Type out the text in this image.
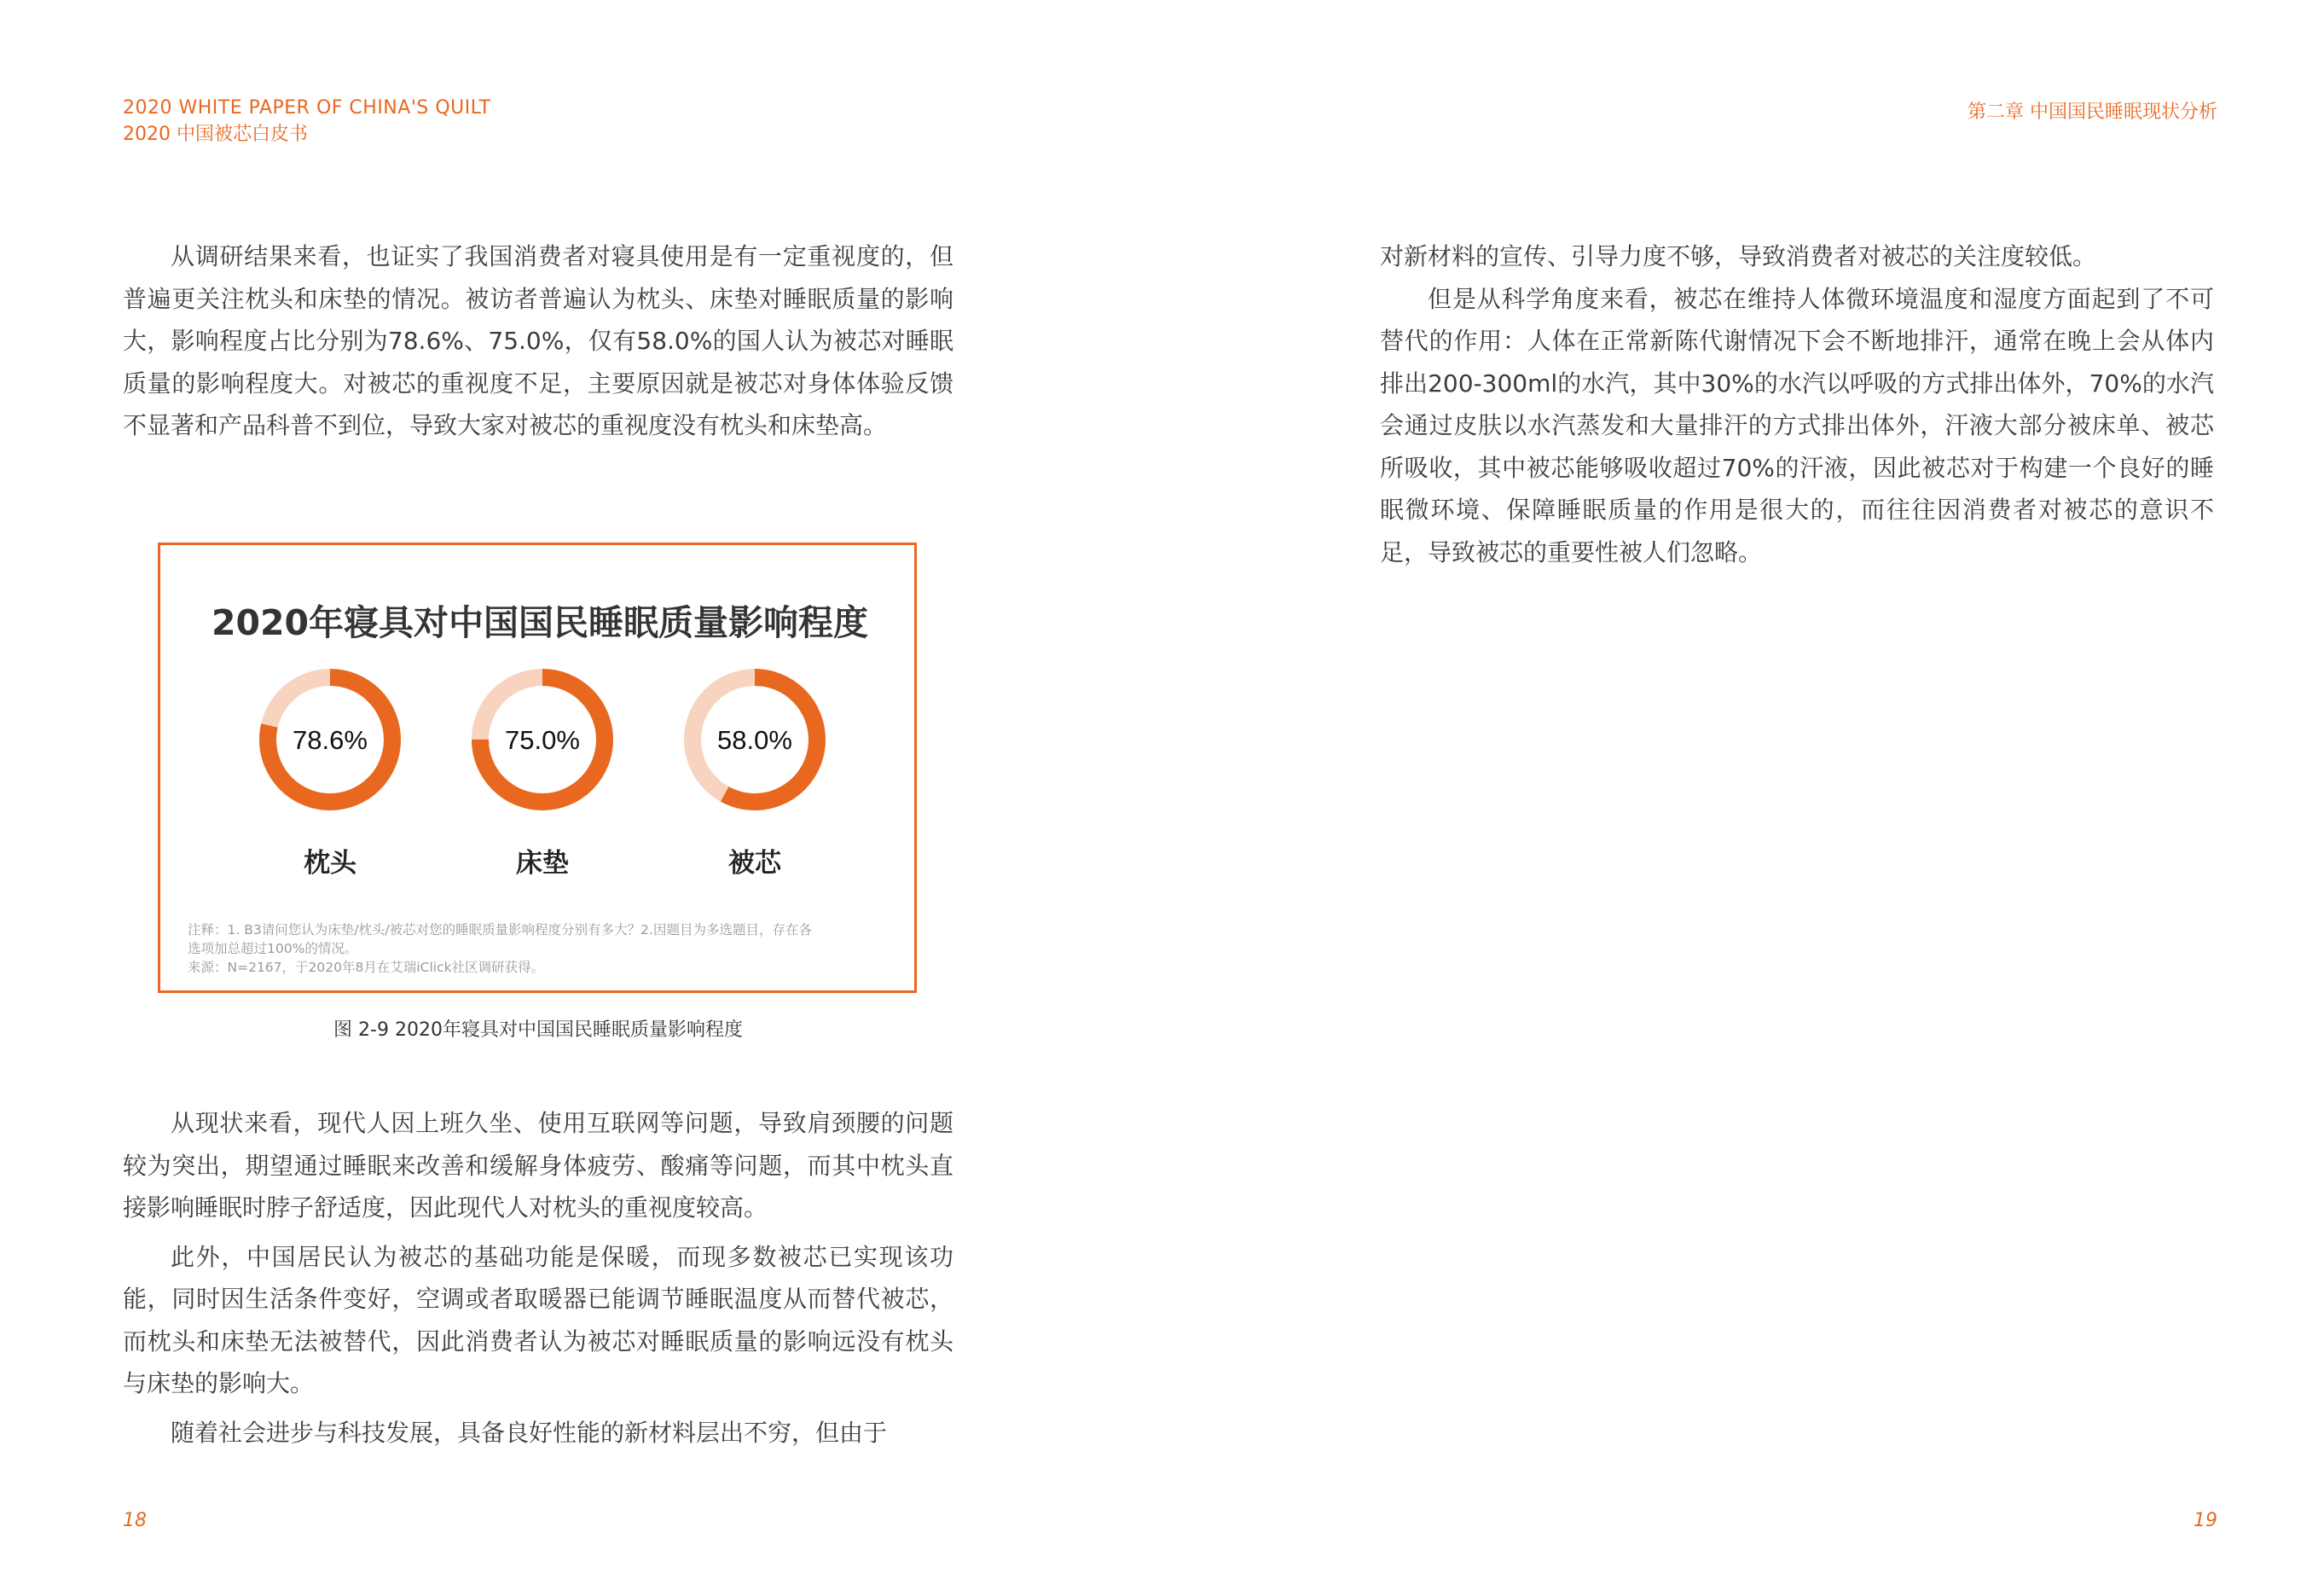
2020 WHITE PAPER OF CHINA'S QUILT
2020 中国被芯白皮书
第二章 中国国民睡眠现状分析

从调研结果来看，也证实了我国消费者对寝具使用是有一定重视度的，但普遍更关注枕头和床垫的情况。被访者普遍认为枕头、床垫对睡眠质量的影响大，影响程度占比分别为78.6%、75.0%，仅有58.0%的国人认为被芯对睡眠质量的影响程度大。对被芯的重视度不足，主要原因就是被芯对身体体验反馈不显著和产品科普不到位，导致大家对被芯的重视度没有枕头和床垫高。

2020年寝具对中国国民睡眠质量影响程度
78.6%	75.0%	58.0%
枕头	床垫	被芯
注释：1. B3请问您认为床垫/枕头/被芯对您的睡眠质量影响程度分别有多大？2.因题目为多选题目，存在各
选项加总超过100%的情况。
来源：N=2167，于2020年8月在艾瑞iClick社区调研获得。
图 2-9 2020年寝具对中国国民睡眠质量影响程度

从现状来看，现代人因上班久坐、使用互联网等问题，导致肩颈腰的问题较为突出，期望通过睡眠来改善和缓解身体疲劳、酸痛等问题，而其中枕头直接影响睡眠时脖子舒适度，因此现代人对枕头的重视度较高。

此外，中国居民认为被芯的基础功能是保暖，而现多数被芯已实现该功能，同时因生活条件变好，空调或者取暖器已能调节睡眠温度从而替代被芯，而枕头和床垫无法被替代，因此消费者认为被芯对睡眠质量的影响远没有枕头与床垫的影响大。

随着社会进步与科技发展，具备良好性能的新材料层出不穷，但由于

18

对新材料的宣传、引导力度不够，导致消费者对被芯的关注度较低。

但是从科学角度来看，被芯在维持人体微环境温度和湿度方面起到了不可替代的作用：人体在正常新陈代谢情况下会不断地排汗，通常在晚上会从体内排出200-300ml的水汽，其中30%的水汽以呼吸的方式排出体外，70%的水汽会通过皮肤以水汽蒸发和大量排汗的方式排出体外，汗液大部分被床单、被芯所吸收，其中被芯能够吸收超过70%的汗液，因此被芯对于构建一个良好的睡眠微环境、保障睡眠质量的作用是很大的，而往往因消费者对被芯的意识不足，导致被芯的重要性被人们忽略。

19
